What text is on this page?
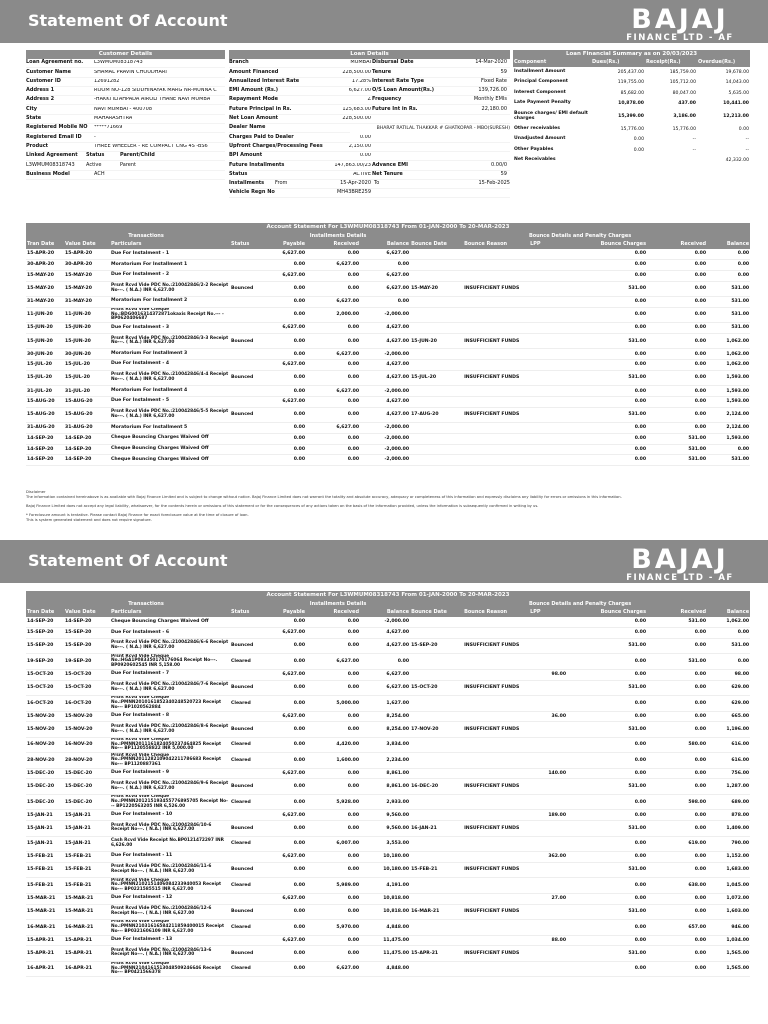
Statement Of Account	BAJAJ
FINANCE LTD - AF
Customer Details
Loan Agreement no.	L3WMUM08318743
Customer Name	SHAMAL PRAVIN CHOUDHARI
Customer ID	12691282
Address 1	ROOM NO-128 SIDDHINAYAK MARG NR-MUNNA C
Address 2	-HAKKI ILTAHPADA AIROLI THANE NAVI MUMBA
City	NAVI MUMBAI - 400708
State	MAHARASHTRA
Registered Mobile NO	*****71669
Registered Email ID	-
Product	THREE WHEELER - RE COMPACT CNG 4S -BS6
Linked Agreement	Status	Parent/Child
L3WMUM08318743	Active	Parent
Business Model	ACH
Loan Details
Branch	MUMBAI
Amount Financed	228,500.00
Annualized Interest Rate	17.28%
EMI Amount (Rs.)	6,627.00
Repayment Mode	Z
Future Principal in Rs.	125,683.00
Net Loan Amount	228,500.00
Dealer Name
Charges Paid to Dealer	0.00
Upfront Charges/Processing Fees	2,150.00
BPI Amount	0.00
Future Installments	147,863.00/23
Status	ACTIVE
Disbursal Date	14-Mar-2020
Tenure	59
Interest Rate Type	Fixed Rate
O/S Loan Amount(Rs.)	139,726.00
Frequency	Monthly EMIs
Future Int in Rs.	22,180.00
BHARAT RATILAL THAKKAR # GHATKOPAR - MBO(SURESH)
Advance EMI	0.00/0
Net Tenure	59
Installments	From	15-Apr-2020 To	15-Feb-2025
Vehicle Regn No	MH43BRE259
Loan Financial Summary as on 20/03/2023
Component	Dues(Rs.)	Receipt(Rs.)	Overdue(Rs.)
Installment Amount	205,437.00	185,759.00	19,678.00
Principal Component	119,755.00	105,712.00	14,043.00
Interest Component	85,682.00	80,047.00	5,635.00
Late Payment Penalty	10,878.00	437.00	10,441.00
Bounce charges/ EMI default charges	15,399.00	3,186.00	12,213.00
Other receivables	15,776.00	15,776.00	0.00
Unadjusted Amount	0.00	--	--
Other Payables	0.00	--	--
Net Receivables			42,332.00
Account Statement For L3WMUM08318743 From 01-JAN-2000 To 20-MAR-2023
Transactions				Installments Details			Bounce Details and Penalty Charges					
Tran Date	Value Date	Particulars	Status	Payable	Received	Balance	Bounce Date	Bounce Reason	LPP	Bounce Charges	Received	Balance
15-APR-20	15-APR-20	Due For Instalment - 1		6,627.00	0.00	6,627.00				0.00	0.00	0.00
30-APR-20	30-APR-20	Moratorium For Installment 1		0.00	6,627.00	0.00				0.00	0.00	0.00
15-MAY-20	15-MAY-20	Due For Instalment - 2		6,627.00	0.00	6,627.00				0.00	0.00	0.00
15-MAY-20	15-MAY-20	Prsnt Rcvd Vide PDC No.:210042846/2-2 Receipt No---. ( N.A.) INR 6,627.00	Bounced	0.00	0.00	6,627.00	15-MAY-20	INSUFFICIENT FUNDS		531.00	0.00	531.00
31-MAY-20	31-MAY-20	Moratorium For Installment 2		0.00	6,627.00	0.00				0.00	0.00	531.00
11-JUN-20	11-JUN-20	Prsnt Rcvd Vide Cheque No.:BDG0016314372871okaxis Receipt No.--- - BP0620406687		0.00	2,000.00	-2,000.00				0.00	0.00	531.00
15-JUN-20	15-JUN-20	Due For Instalment - 3		6,627.00	0.00	4,627.00				0.00	0.00	531.00
15-JUN-20	15-JUN-20	Prsnt Rcvd Vide PDC No.:210042846/3-3 Receipt No---. ( N.A.) INR 6,627.00	Bounced	0.00	0.00	4,627.00	15-JUN-20	INSUFFICIENT FUNDS		531.00	0.00	1,062.00
30-JUN-20	30-JUN-20	Moratorium For Installment 3		0.00	6,627.00	-2,000.00				0.00	0.00	1,062.00
15-JUL-20	15-JUL-20	Due For Instalment - 4		6,627.00	0.00	4,627.00				0.00	0.00	1,062.00
15-JUL-20	15-JUL-20	Prsnt Rcvd Vide PDC No.:210042846/4-4 Receipt No---. ( N.A.) INR 6,627.00	Bounced	0.00	0.00	4,627.00	15-JUL-20	INSUFFICIENT FUNDS		531.00	0.00	1,593.00
31-JUL-20	31-JUL-20	Moratorium For Installment 4		0.00	6,627.00	-2,000.00				0.00	0.00	1,593.00
15-AUG-20	15-AUG-20	Due For Instalment - 5		6,627.00	0.00	4,627.00				0.00	0.00	1,593.00
15-AUG-20	15-AUG-20	Prsnt Rcvd Vide PDC No.:210042846/5-5 Receipt No---. ( N.A.) INR 6,627.00	Bounced	0.00	0.00	4,627.00	17-AUG-20	INSUFFICIENT FUNDS		531.00	0.00	2,124.00
31-AUG-20	31-AUG-20	Moratorium For Installment 5		0.00	6,627.00	-2,000.00				0.00	0.00	2,124.00
14-SEP-20	14-SEP-20	Cheque Bouncing Charges Waived Off		0.00	0.00	-2,000.00				0.00	531.00	1,593.00
14-SEP-20	14-SEP-20	Cheque Bouncing Charges Waived Off		0.00	0.00	-2,000.00				0.00	531.00	0.00
14-SEP-20	14-SEP-20	Cheque Bouncing Charges Waived Off		0.00	0.00	-2,000.00				0.00	531.00	531.00

Disclaimer
The information contained hereinabove is as available with Bajaj Finance Limited and is subject to change without notice. Bajaj Finance Limited does not warrant the totality and absolute accuracy, adequacy or completeness of this information and expressly disclaims any liability for errors or omissions in this information.

Bajaj Finance Limited does not accept any legal liability, whatsoever, for the contents herein or omissions of this statement or for the consequences of any actions taken on the basis of the information provided, unless the information is subsequently confirmed in writing by us.

* Foreclosure amount is tentative. Please contact Bajaj Finance for exact foreclosure value at the time of closure of loan.
This is system generated statement and does not require signature.

Statement Of Account	BAJAJ
FINANCE LTD - AF
Account Statement For L3WMUM08318743 From 01-JAN-2000 To 20-MAR-2023
Transactions				Installments Details			Bounce Details and Penalty Charges					
Tran Date	Value Date	Particulars	Status	Payable	Received	Balance	Bounce Date	Bounce Reason	LPP	Bounce Charges	Received	Balance
14-SEP-20	14-SEP-20	Cheque Bouncing Charges Waived Off		0.00	0.00	-2,000.00				0.00	531.00	1,062.00
15-SEP-20	15-SEP-20	Due For Instalment - 6		6,627.00	0.00	4,627.00				0.00	0.00	0.00
15-SEP-20	15-SEP-20	Prsnt Rcvd Vide PDC No.:210042846/6-6 Receipt No---. ( N.A.) INR 6,627.00	Bounced	0.00	0.00	4,627.00	15-SEP-20	INSUFFICIENT FUNDS		531.00	0.00	531.00
19-SEP-20	19-SEP-20	Prsnt Rcvd Vide Cheque No.:HGA1P08335017017606​4 Receipt No---. BP0920602545 INR 5,158.00	Cleared	0.00	6,627.00	0.00				0.00	531.00	0.00
15-OCT-20	15-OCT-20	Due For Instalment - 7		6,627.00	0.00	6,627.00			98.00	0.00	0.00	98.00
15-OCT-20	15-OCT-20	Prsnt Rcvd Vide PDC No.:210042846/7-6 Receipt No---. ( N.A.) INR 6,627.00	Bounced	0.00	0.00	6,627.00	15-OCT-20	INSUFFICIENT FUNDS		531.00	0.00	629.00
16-OCT-20	16-OCT-20	Prsnt Rcvd Vide Cheque No.:PMNN20101618523402485​20723 Receipt No--- BP1020562884	Cleared	0.00	5,000.00	1,627.00				0.00	0.00	629.00
15-NOV-20	15-NOV-20	Due For Instalment - 8		6,627.00	0.00	8,254.00			36.00	0.00	0.00	665.00
15-NOV-20	15-NOV-20	Prsnt Rcvd Vide PDC No.:210042846/8-6 Receipt No---. ( N.A.) INR 6,627.00	Bounced	0.00	0.00	8,254.00	17-NOV-20	INSUFFICIENT FUNDS		531.00	0.00	1,196.00
16-NOV-20	16-NOV-20	Prsnt Rcvd Vide Cheque No.:PMNN201116182405023746​4825 Receipt No--- BP1120558822 INR 5,000.00	Cleared	0.00	4,420.00	3,834.00				0.00	580.00	616.00
28-NOV-20	28-NOV-20	Prsnt Rcvd Vide Cheque No.:PMNN20112821090422117​86683 Receipt No--- BP1120887361	Cleared	0.00	1,600.00	2,234.00				0.00	0.00	616.00
15-DEC-20	15-DEC-20	Due For Instalment - 9		6,627.00	0.00	8,861.00			140.00	0.00	0.00	756.00
15-DEC-20	15-DEC-20	Prsnt Rcvd Vide PDC No.:210042846/9-6 Receipt No---. ( N.A.) INR 6,627.00	Bounced	0.00	0.00	8,861.00	16-DEC-20	INSUFFICIENT FUNDS		531.00	0.00	1,287.00
15-DEC-20	15-DEC-20	Prsnt Rcvd Vide Cheque No.:PMNN201215193455776895​705 Receipt No--- BP1220563205 INR 6,526.00	Cleared	0.00	5,928.00	2,933.00				0.00	598.00	689.00
15-JAN-21	15-JAN-21	Due For Instalment - 10		6,627.00	0.00	9,560.00			189.00	0.00	0.00	878.00
15-JAN-21	15-JAN-21	Prsnt Rcvd Vide PDC No.:210042846/10-6 Receipt No---. ( N.A.) INR 6,627.00	Bounced	0.00	0.00	9,560.00	16-JAN-21	INSUFFICIENT FUNDS		531.00	0.00	1,409.00
15-JAN-21	15-JAN-21	Cash Rcvd Vide Receipt No.BP0121472297 INR 6,626.00	Cleared	0.00	6,007.00	3,553.00				0.00	619.00	790.00
15-FEB-21	15-FEB-21	Due For Instalment - 11		6,627.00	0.00	10,180.00			362.00	0.00	0.00	1,152.00
15-FEB-21	15-FEB-21	Prsnt Rcvd Vide PDC No.:210042846/11-6 Receipt No---. ( N.A.) INR 6,627.00	Bounced	0.00	0.00	10,180.00	15-FEB-21	INSUFFICIENT FUNDS		531.00	0.00	1,683.00
15-FEB-21	15-FEB-21	Prsnt Rcvd Vide Cheque No.:PMNN210215140608423394​0053 Receipt No--- BP0221585515 INR 6,627.00	Cleared	0.00	5,989.00	4,191.00				0.00	638.00	1,045.00
15-MAR-21	15-MAR-21	Due For Instalment - 12		6,627.00	0.00	10,818.00			27.00	0.00	0.00	1,072.00
15-MAR-21	15-MAR-21	Prsnt Rcvd Vide PDC No.:210042846/12-6 Receipt No---. ( N.A.) INR 6,627.00	Bounced	0.00	0.00	10,818.00	16-MAR-21	INSUFFICIENT FUNDS		531.00	0.00	1,603.00
16-MAR-21	16-MAR-21	Prsnt Rcvd Vide Cheque No.:PMNN210316165842118​59400015 Receipt No--- BP0321606109 INR 6,627.00	Cleared	0.00	5,970.00	4,848.00				0.00	657.00	946.00
15-APR-21	15-APR-21	Due For Instalment - 13		6,627.00	0.00	11,475.00			88.00	0.00	0.00	1,034.00
15-APR-21	15-APR-21	Prsnt Rcvd Vide PDC No.:210042846/13-6 Receipt No---. ( N.A.) INR 6,627.00	Bounced	0.00	0.00	11,475.00	15-APR-21	INSUFFICIENT FUNDS		531.00	0.00	1,565.00
16-APR-21	16-APR-21	Prsnt Rcvd Vide Cheque No.:PMNN210416151304850924​6646 Receipt No--- BP0421566378	Cleared	0.00	6,627.00	4,848.00				0.00	0.00	1,565.00
